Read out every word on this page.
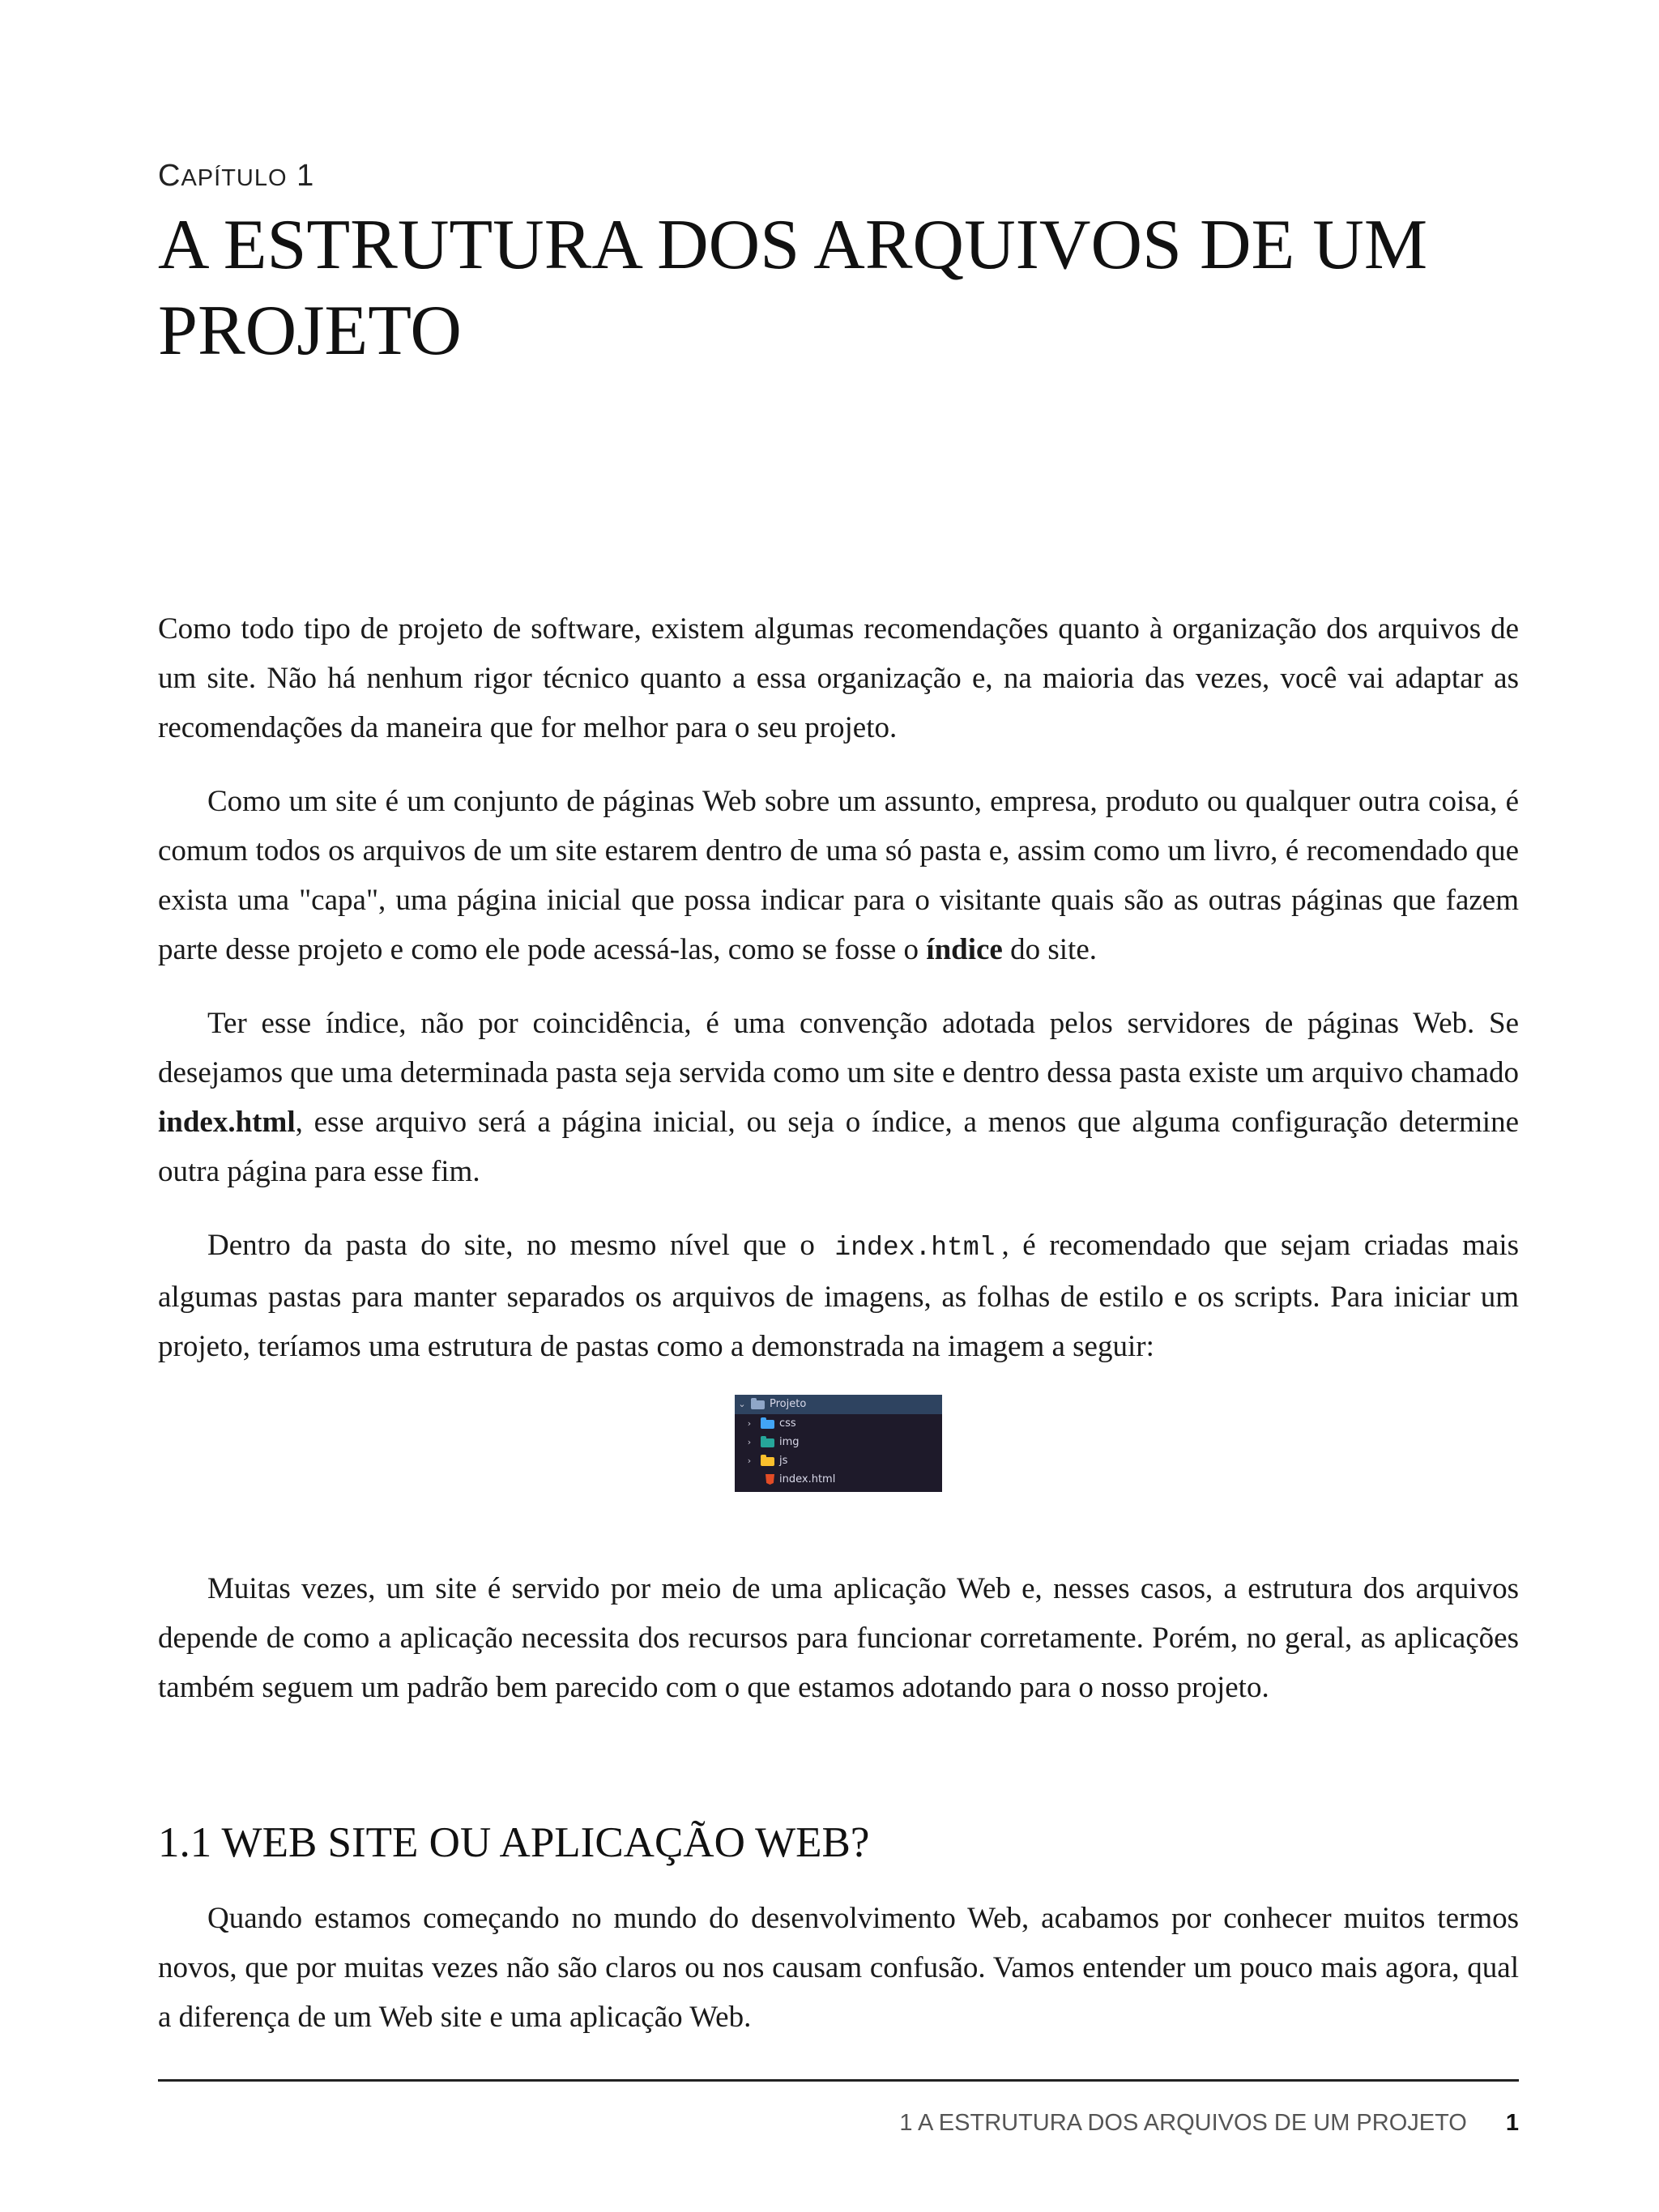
CAPÍTULO 1
A ESTRUTURA DOS ARQUIVOS DE UM PROJETO

Como todo tipo de projeto de software, existem algumas recomendações quanto à organização dos arquivos de um site. Não há nenhum rigor técnico quanto a essa organização e, na maioria das vezes, você vai adaptar as recomendações da maneira que for melhor para o seu projeto.

Como um site é um conjunto de páginas Web sobre um assunto, empresa, produto ou qualquer outra coisa, é comum todos os arquivos de um site estarem dentro de uma só pasta e, assim como um livro, é recomendado que exista uma "capa", uma página inicial que possa indicar para o visitante quais são as outras páginas que fazem parte desse projeto e como ele pode acessá-las, como se fosse o índice do site.

Ter esse índice, não por coincidência, é uma convenção adotada pelos servidores de páginas Web. Se desejamos que uma determinada pasta seja servida como um site e dentro dessa pasta existe um arquivo chamado index.html, esse arquivo será a página inicial, ou seja o índice, a menos que alguma configuração determine outra página para esse fim.

Dentro da pasta do site, no mesmo nível que o index.html , é recomendado que sejam criadas mais algumas pastas para manter separados os arquivos de imagens, as folhas de estilo e os scripts. Para iniciar um projeto, teríamos uma estrutura de pastas como a demonstrada na imagem a seguir:

⌄ Projeto
›	css
›	img
›	js
index.html

Muitas vezes, um site é servido por meio de uma aplicação Web e, nesses casos, a estrutura dos arquivos depende de como a aplicação necessita dos recursos para funcionar corretamente. Porém, no geral, as aplicações também seguem um padrão bem parecido com o que estamos adotando para o nosso projeto.

1.1 WEB SITE OU APLICAÇÃO WEB?

Quando estamos começando no mundo do desenvolvimento Web, acabamos por conhecer muitos termos novos, que por muitas vezes não são claros ou nos causam confusão. Vamos entender um pouco mais agora, qual a diferença de um Web site e uma aplicação Web.

1 A ESTRUTURA DOS ARQUIVOS DE UM PROJETO 1
